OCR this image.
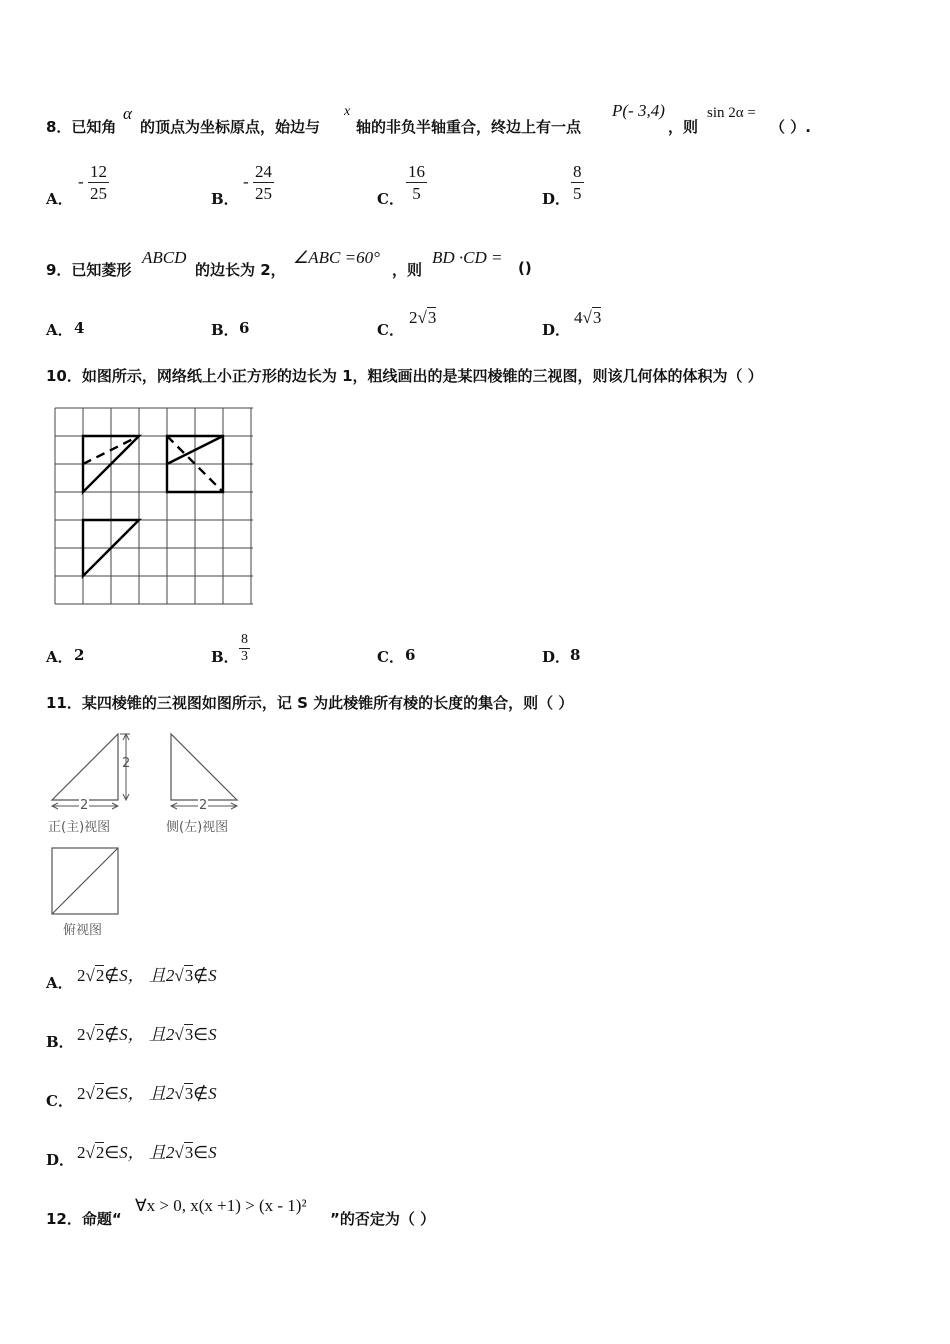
8．已知角
α
的顶点为坐标原点，始边与
x
轴的非负半轴重合，终边上有一点
P(- 3,4)
，则
sin 2α =
（ ）.
A．
-
12
25	B．
-
24
25	C．
16
5	D．
8
5
9．已知菱形
ABCD
的边长为 2，
∠ABC =60°
，则
BD ·CD =
()
A． 4	B． 6	C．
2√3
D．
4√3
10．如图所示，网络纸上小正方形的边长为 1，粗线画出的是某四棱锥的三视图，则该几何体的体积为（ ）
A． 2	B．
8
3	C． 6	D． 8
11．某四棱锥的三视图如图所示，记 S 为此棱锥所有棱的长度的集合，则（ ）
2
2
正(主)视图
2
侧(左)视图
俯视图
A． 2√2∉S， 且2√3∉S
B． 2√2∉S， 且2√3∈S
C． 2√2∈S， 且2√3∉S
D． 2√2∈S， 且2√3∈S
12．命题“
∀x > 0, x(x +1) > (x - 1)²
”的否定为（ ）
